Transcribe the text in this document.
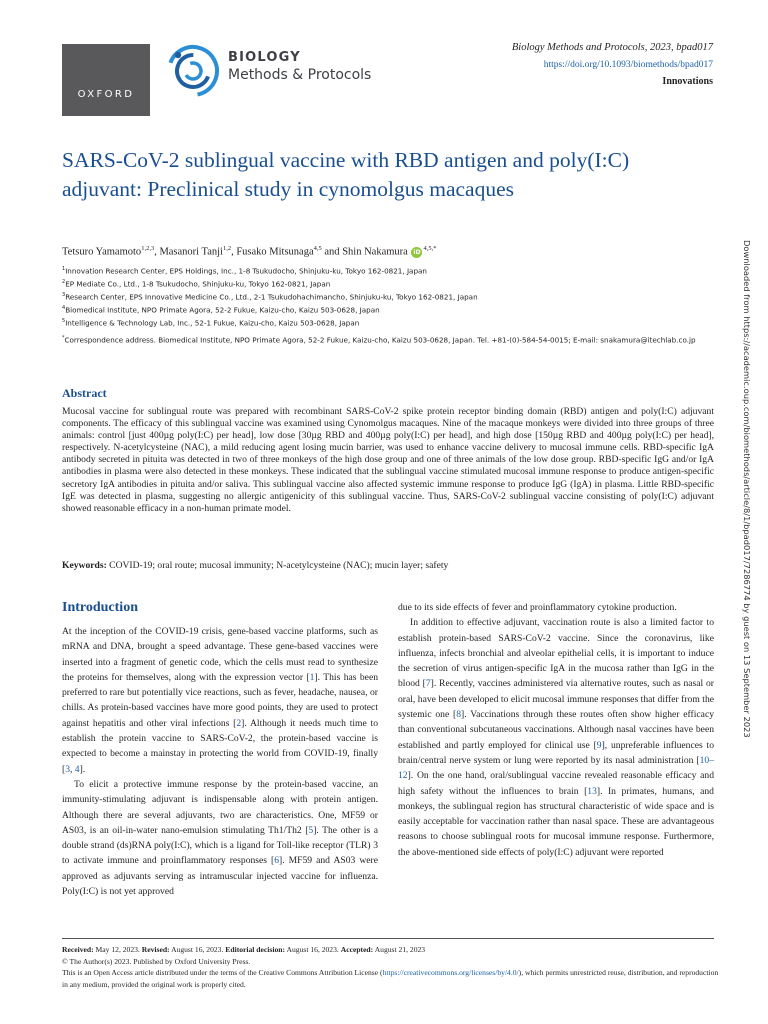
OXFORD
BIOLOGY
Methods & Protocols
Biology Methods and Protocols, 2023, bpad017
https://doi.org/10.1093/biomethods/bpad017
Innovations
SARS-CoV-2 sublingual vaccine with RBD antigen and poly(I:C) adjuvant: Preclinical study in cynomolgus macaques
Tetsuro Yamamoto$^{1,2,3}$, Masanori Tanji$^{1,2}$, Fusako Mitsunaga$^{4,5}$ and Shin Nakamura $iD^{4,5,*}$
$^1$Innovation Research Center, EPS Holdings, Inc., 1-8 Tsukudocho, Shinjuku-ku, Tokyo 162-0821, Japan
$^2$EP Mediate Co., Ltd., 1-8 Tsukudocho, Shinjuku-ku, Tokyo 162-0821, Japan
$^3$Research Center, EPS Innovative Medicine Co., Ltd., 2-1 Tsukudohachimancho, Shinjuku-ku, Tokyo 162-0821, Japan
$^4$Biomedical Institute, NPO Primate Agora, 52-2 Fukue, Kaizu-cho, Kaizu 503-0628, Japan
$^5$Intelligence & Technology Lab, Inc., 52-1 Fukue, Kaizu-cho, Kaizu 503-0628, Japan
*Correspondence address. Biomedical Institute, NPO Primate Agora, 52-2 Fukue, Kaizu-cho, Kaizu 503-0628, Japan. Tel. +81-(0)-584-54-0015; E-mail: snakamura@itechlab.co.jp
Abstract
Mucosal vaccine for sublingual route was prepared with recombinant SARS-CoV-2 spike protein receptor binding domain (RBD) antigen and poly(I:C) adjuvant components. The efficacy of this sublingual vaccine was examined using Cynomolgus macaques. Nine of the macaque monkeys were divided into three groups of three animals: control [just 400µg poly(I:C) per head], low dose [30µg RBD and 400µg poly(I:C) per head], and high dose [150µg RBD and 400µg poly(I:C) per head], respectively. N-acetylcysteine (NAC), a mild reducing agent losing mucin barrier, was used to enhance vaccine delivery to mucosal immune cells. RBD-specific IgA antibody secreted in pituita was detected in two of three monkeys of the high dose group and one of three animals of the low dose group. RBD-specific IgG and/or IgA antibodies in plasma were also detected in these monkeys. These indicated that the sublingual vaccine stimulated mucosal immune response to produce antigen-specific secretory IgA antibodies in pituita and/or saliva. This sublingual vaccine also affected systemic immune response to produce IgG (IgA) in plasma. Little RBD-specific IgE was detected in plasma, suggesting no allergic antigenicity of this sublingual vaccine. Thus, SARS-CoV-2 sublingual vaccine consisting of poly(I:C) adjuvant showed reasonable efficacy in a non-human primate model.
Keywords: COVID-19; oral route; mucosal immunity; N-acetylcysteine (NAC); mucin layer; safety
Introduction

At the inception of the COVID-19 crisis, gene-based vaccine platforms, such as mRNA and DNA, brought a speed advantage. These gene-based vaccines were inserted into a fragment of genetic code, which the cells must read to synthesize the proteins for themselves, along with the expression vector [1]. This has been preferred to rare but potentially vice reactions, such as fever, headache, nausea, or chills. As protein-based vaccines have more good points, they are used to protect against hepatitis and other viral infections [2]. Although it needs much time to establish the protein vaccine to SARS-CoV-2, the protein-based vaccine is expected to become a mainstay in protecting the world from COVID-19, finally [3, 4].

To elicit a protective immune response by the protein-based vaccine, an immunity-stimulating adjuvant is indispensable along with protein antigen. Although there are several adjuvants, two are characteristics. One, MF59 or AS03, is an oil-in-water nano-emulsion stimulating Th1/Th2 [5]. The other is a double strand (ds)RNA poly(I:C), which is a ligand for Toll-like receptor (TLR) 3 to activate immune and proinflammatory responses [6]. MF59 and AS03 were approved as adjuvants serving as intramuscular injected vaccine for influenza. Poly(I:C) is not yet approved

due to its side effects of fever and proinflammatory cytokine production.

In addition to effective adjuvant, vaccination route is also a limited factor to establish protein-based SARS-CoV-2 vaccine. Since the coronavirus, like influenza, infects bronchial and alveolar epithelial cells, it is important to induce the secretion of virus antigen-specific IgA in the mucosa rather than IgG in the blood [7]. Recently, vaccines administered via alternative routes, such as nasal or oral, have been developed to elicit mucosal immune responses that differ from the systemic one [8]. Vaccinations through these routes often show higher efficacy than conventional subcutaneous vaccinations. Although nasal vaccines have been established and partly employed for clinical use [9], unpreferable influences to brain/central nerve system or lung were reported by its nasal administration [10–12]. On the one hand, oral/sublingual vaccine revealed reasonable efficacy and high safety without the influences to brain [13]. In primates, humans, and monkeys, the sublingual region has structural characteristic of wide space and is easily acceptable for vaccination rather than nasal space. These are advantageous reasons to choose sublingual roots for mucosal immune response. Furthermore, the above-mentioned side effects of poly(I:C) adjuvant were reported

Received: May 12, 2023. Revised: August 16, 2023. Editorial decision: August 16, 2023. Accepted: August 21, 2023
© The Author(s) 2023. Published by Oxford University Press.
This is an Open Access article distributed under the terms of the Creative Commons Attribution License (https://creativecommons.org/licenses/by/4.0/), which permits unrestricted reuse, distribution, and reproduction in any medium, provided the original work is properly cited.
Downloaded from https://academic.oup.com/biomethods/article/8/1/bpad017/7286774 by guest on 13 September 2023
